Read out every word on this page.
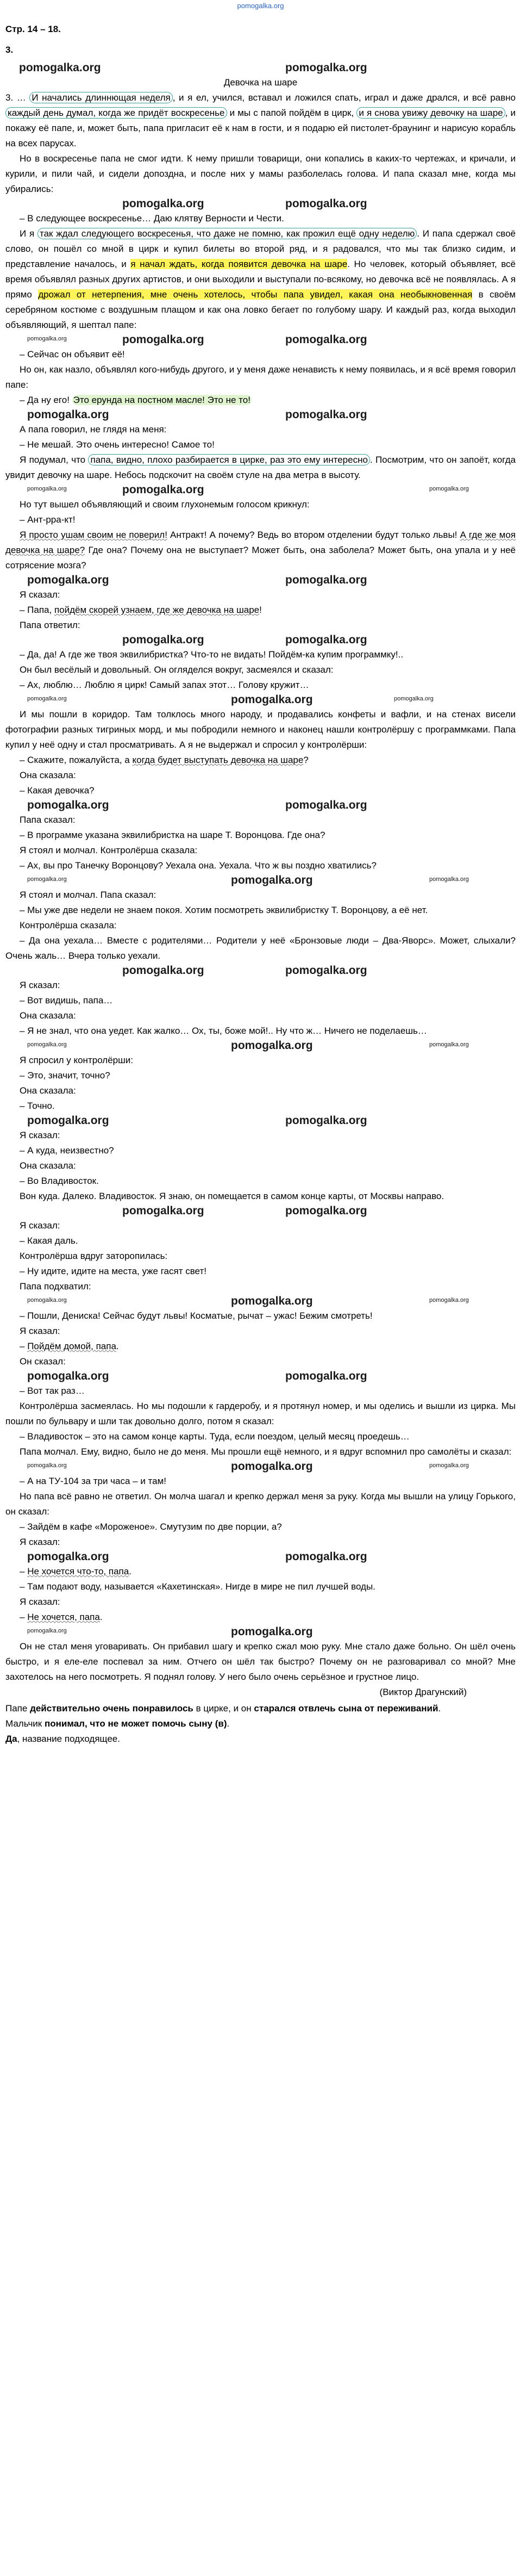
pomogalka.org
Стр. 14 – 18.
3.
pomogalka.org	pomogalka.org
Девочка на шаре

3. … И начались длиннющая неделя , и я ел, учился, вставал и ложился спать, играл и даже дрался, и всё равно каждый день думал, когда же придёт воскресенье и мы с папой пойдём в цирк, и я снова увижу девочку на шаре , и покажу её папе, и, может быть, папа пригласит её к нам в гости, и я подарю ей пистолет-браунинг и нарисую корабль на всех парусах.

Но в воскресенье папа не смог идти. К нему пришли товарищи, они копались в каких-то чертежах, и кричали, и курили, и пили чай, и сидели допоздна, и после них у мамы разболелась голова. И папа сказал мне, когда мы убирались:

pomogalka.org	pomogalka.org

– В следующее воскресенье… Даю клятву Верности и Чести.

И я так ждал следующего воскресенья, что даже не помню, как прожил ещё одну неделю . И папа сдержал своё слово, он пошёл со мной в цирк и купил билеты во второй ряд, и я радовался, что мы так близко сидим, и представление началось, и я начал ждать, когда появится девочка на шаре. Но человек, который объявляет, всё время объявлял разных других артистов, и они выходили и выступали по-всякому, но девочка всё не появлялась. А я прямо дрожал от нетерпения, мне очень хотелось, чтобы папа увидел, какая она необыкновенная в своём серебряном костюме с воздушным плащом и как она ловко бегает по голубому шару. И каждый раз, когда выходил объявляющий, я шептал папе:

pomogalka.org	pomogalka.org	pomogalka.org

– Сейчас он объявит её!

Но он, как назло, объявлял кого-нибудь другого, и у меня даже ненависть к нему появилась, и я всё время говорил папе:

– Да ну его! Это ерунда на постном масле! Это не то!

pomogalka.org	pomogalka.org

А папа говорил, не глядя на меня:

– Не мешай. Это очень интересно! Самое то!

Я подумал, что папа, видно, плохо разбирается в цирке, раз это ему интересно . Посмотрим, что он запоёт, когда увидит девочку на шаре. Небось подскочит на своём стуле на два метра в высоту.

pomogalka.org	pomogalka.org	pomogalka.org

Но тут вышел объявляющий и своим глухонемым голосом крикнул:

– Ант-рра-кт!

Я просто ушам своим не поверил! Антракт! А почему? Ведь во втором отделении будут только львы! А где же моя девочка на шаре? Где она? Почему она не выступает? Может быть, она заболела? Может быть, она упала и у неё сотрясение мозга?

pomogalka.org	pomogalka.org

Я сказал:

– Папа, пойдём скорей узнаем, где же девочка на шаре!

Папа ответил:

pomogalka.org	pomogalka.org

– Да, да! А где же твоя эквилибристка? Что-то не видать! Пойдём-ка купим программку!..

Он был весёлый и довольный. Он огляделся вокруг, засмеялся и сказал:

– Ах, люблю… Люблю я цирк! Самый запах этот… Голову кружит…

pomogalka.org	pomogalka.org	pomogalka.org

И мы пошли в коридор. Там толклось много народу, и продавались конфеты и вафли, и на стенах висели фотографии разных тигриных морд, и мы побродили немного и наконец нашли контролёршу с программками. Папа купил у неё одну и стал просматривать. А я не выдержал и спросил у контролёрши:

– Скажите, пожалуйста, а когда будет выступать девочка на шаре?

Она сказала:

– Какая девочка?

pomogalka.org	pomogalka.org

Папа сказал:

– В программе указана эквилибристка на шаре Т. Воронцова. Где она?

Я стоял и молчал. Контролёрша сказала:

– Ах, вы про Танечку Воронцову? Уехала она. Уехала. Что ж вы поздно хватились?

pomogalka.org	pomogalka.org	pomogalka.org

Я стоял и молчал. Папа сказал:

– Мы уже две недели не знаем покоя. Хотим посмотреть эквилибристку Т. Воронцову, а её нет.

Контролёрша сказала:

– Да она уехала… Вместе с родителями… Родители у неё «Бронзовые люди – Два-Яворс». Может, слыхали? Очень жаль… Вчера только уехали.

pomogalka.org	pomogalka.org

Я сказал:

– Вот видишь, папа…

Она сказала:

– Я не знал, что она уедет. Как жалко… Ох, ты, боже мой!.. Ну что ж… Ничего не поделаешь…

pomogalka.org	pomogalka.org	pomogalka.org

Я спросил у контролёрши:

– Это, значит, точно?

Она сказала:

– Точно.

pomogalka.org	pomogalka.org

Я сказал:

– А куда, неизвестно?

Она сказала:

– Во Владивосток.

Вон куда. Далеко. Владивосток. Я знаю, он помещается в самом конце карты, от Москвы направо.

pomogalka.org	pomogalka.org

Я сказал:

– Какая даль.

Контролёрша вдруг заторопилась:

– Ну идите, идите на места, уже гасят свет!

Папа подхватил:

pomogalka.org	pomogalka.org	pomogalka.org

– Пошли, Дениска! Сейчас будут львы! Косматые, рычат – ужас! Бежим смотреть!

Я сказал:

– Пойдём домой, папа.

Он сказал:

pomogalka.org	pomogalka.org

– Вот так раз…

Контролёрша засмеялась. Но мы подошли к гардеробу, и я протянул номер, и мы оделись и вышли из цирка. Мы пошли по бульвару и шли так довольно долго, потом я сказал:

– Владивосток – это на самом конце карты. Туда, если поездом, целый месяц проедешь…

Папа молчал. Ему, видно, было не до меня. Мы прошли ещё немного, и я вдруг вспомнил про самолёты и сказал:

pomogalka.org	pomogalka.org	pomogalka.org

– А на ТУ-104 за три часа – и там!

Но папа всё равно не ответил. Он молча шагал и крепко держал меня за руку. Когда мы вышли на улицу Горького, он сказал:

– Зайдём в кафе «Мороженое». Смутузим по две порции, а?

Я сказал:

pomogalka.org	pomogalka.org

– Не хочется что-то, папа.

– Там подают воду, называется «Кахетинская». Нигде в мире не пил лучшей воды.

Я сказал:

– Не хочется, папа.

pomogalka.org	pomogalka.org

Он не стал меня уговаривать. Он прибавил шагу и крепко сжал мою руку. Мне стало даже больно. Он шёл очень быстро, и я еле-еле поспевал за ним. Отчего он шёл так быстро? Почему он не разговаривал со мной? Мне захотелось на него посмотреть. Я поднял голову. У него было очень серьёзное и грустное лицо.

(Виктор Драгунский)

Папе действительно очень понравилось в цирке, и он старался отвлечь сына от переживаний.

Мальчик понимал, что не может помочь сыну (в).

Да, название подходящее.
